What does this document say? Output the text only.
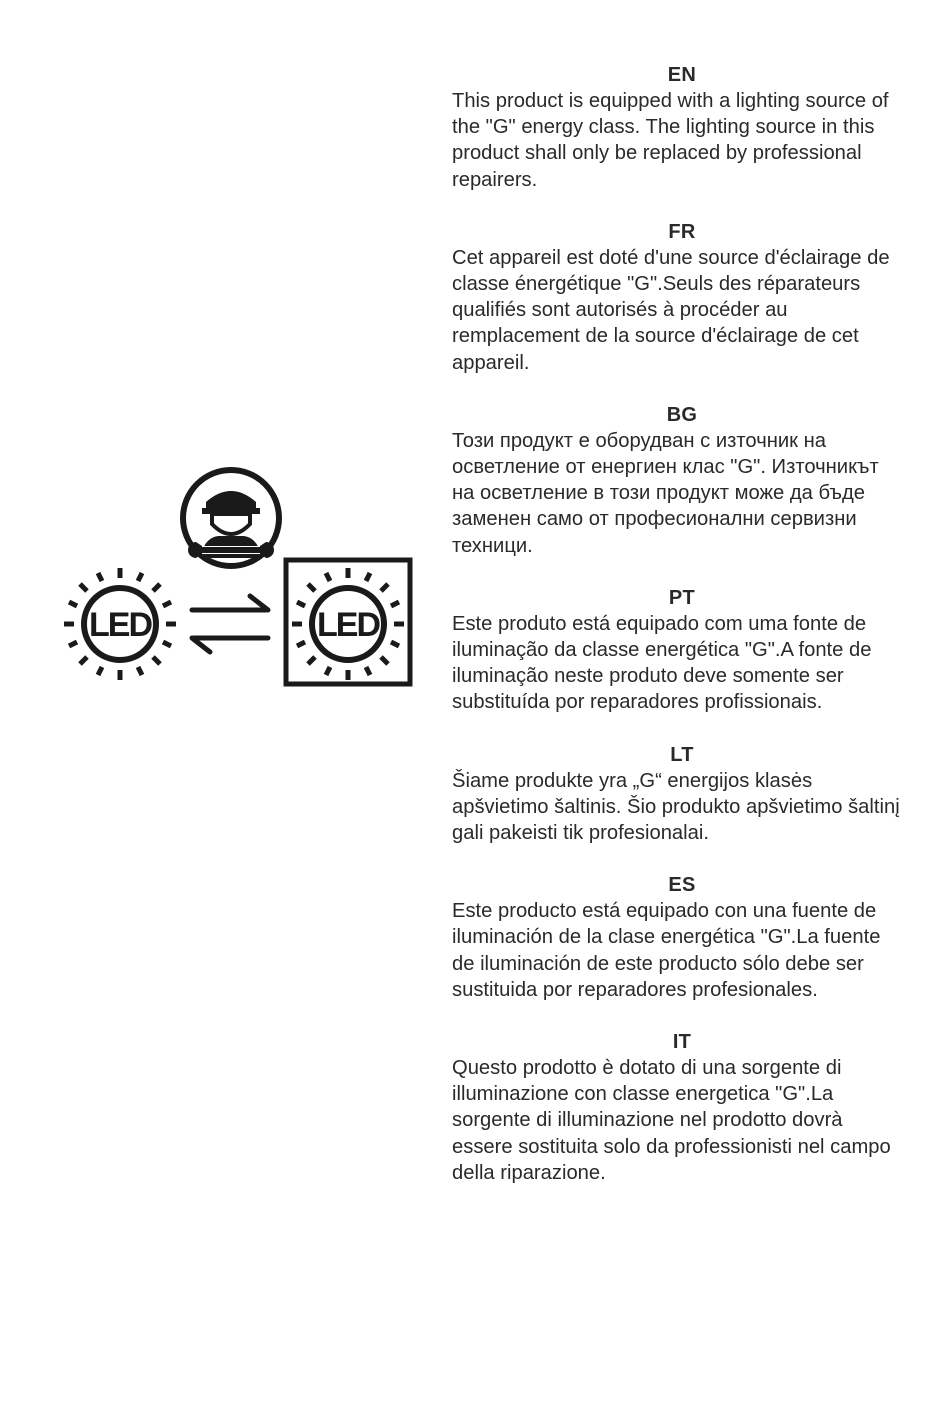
LED	LED
EN

This product is equipped with a lighting source of the "G" energy class. The lighting source in this product shall only be replaced by professional repairers.

FR

Cet appareil est doté d'une source d'éclairage de classe énergétique "G".Seuls des réparateurs qualifiés sont autorisés à procéder au remplacement de la source d'éclairage de cet appareil.

BG

Този продукт е оборудван с източник на осветление от енергиен клас "G". Източникът на осветление в този продукт може да бъде заменен само от професионални сервизни техници.

PT

Este produto está equipado com uma fonte de iluminação da classe energética "G".A fonte de iluminação neste produto deve somente ser substituída por reparadores profissionais.

LT

Šiame produkte yra „G“ energijos klasės apšvietimo šaltinis. Šio produkto apšvietimo šaltinį gali pakeisti tik profesionalai.

ES

Este producto está equipado con una fuente de iluminación de la clase energética "G".La fuente de iluminación de este producto sólo debe ser sustituida por reparadores profesionales.

IT

Questo prodotto è dotato di una sorgente di illuminazione con classe energetica "G".La sorgente di illuminazione nel prodotto dovrà essere sostituita solo da professionisti nel campo della riparazione.
